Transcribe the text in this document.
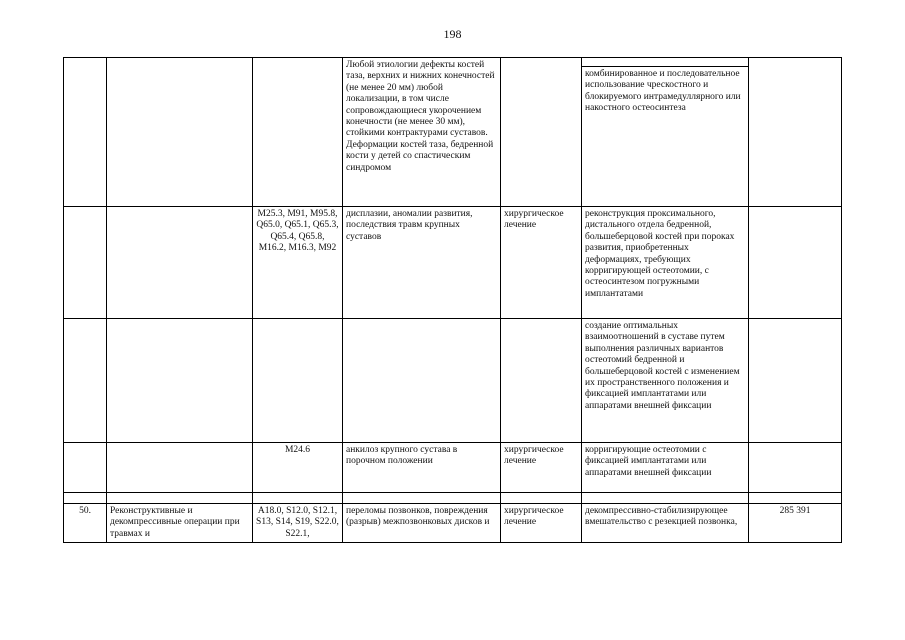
198
			Любой этиологии дефекты костей таза, верхних и нижних конечностей (не менее 20 мм) любой локализации, в том числе сопровождающиеся укорочением конечности (не менее 30 мм), стойкими контрактурами суставов. Деформации костей таза, бедренной кости у детей со спастическим синдромом		комбинированное и последовательное использование чрескостного и блокируемого интрамедуллярного или накостного остеосинтеза	
		M25.3, M91, M95.8, Q65.0, Q65.1, Q65.3, Q65.4, Q65.8, M16.2, M16.3, M92	дисплазии, аномалии развития, последствия травм крупных суставов	хирургическое лечение	реконструкция проксимального, дистального отдела бедренной, большеберцовой костей при пороках развития, приобретенных деформациях, требующих корригирующей остеотомии, с остеосинтезом погружными имплантатами	
					создание оптимальных взаимоотношений в суставе путем выполнения различных вариантов остеотомий бедренной и большеберцовой костей с изменением их пространственного положения и фиксацией имплантатами или аппаратами внешней фиксации	
		M24.6	анкилоз крупного сустава в порочном положении	хирургическое лечение	корригирующие остеотомии с фиксацией имплантатами или аппаратами внешней фиксации	

50.	Реконструктивные и декомпрессивные операции при травмах и	A18.0, S12.0, S12.1, S13, S14, S19, S22.0, S22.1,	переломы позвонков, повреждения (разрыв) межпозвонковых дисков и	хирургическое лечение	декомпрессивно-стабилизирующее вмешательство с резекцией позвонка,	285 391
